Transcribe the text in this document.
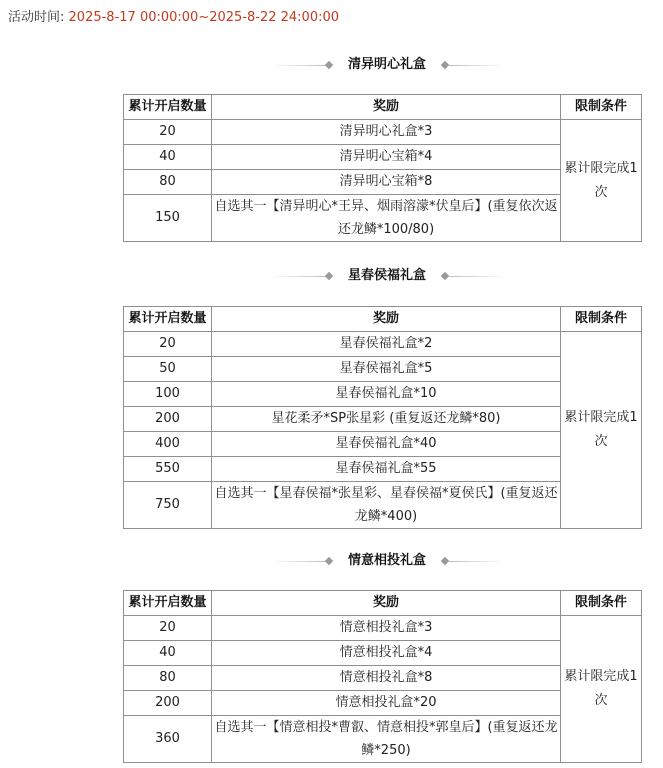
活动时间: 2025-8-17 00:00:00~2025-8-22 24:00:00
清异明心礼盒
累计开启数量	奖励	限制条件
20	清异明心礼盒*3	累计限完成1次
40	清异明心宝箱*4	
80	清异明心宝箱*8	
150	自选其一【清异明心*王异、烟雨溶濛*伏皇后】(重复依次返还龙鳞*100/80)	
星春侯福礼盒
累计开启数量	奖励	限制条件
20	星春侯福礼盒*2	累计限完成1次
50	星春侯福礼盒*5	
100	星春侯福礼盒*10	
200	星花柔矛*SP张星彩 (重复返还龙鳞*80)	
400	星春侯福礼盒*40	
550	星春侯福礼盒*55	
750	自选其一【星春侯福*张星彩、星春侯福*夏侯氏】(重复返还龙鳞*400)	
情意相投礼盒
累计开启数量	奖励	限制条件
20	情意相投礼盒*3	累计限完成1次
40	情意相投礼盒*4	
80	情意相投礼盒*8	
200	情意相投礼盒*20	
360	自选其一【情意相投*曹叡、情意相投*郭皇后】(重复返还龙鳞*250)	
